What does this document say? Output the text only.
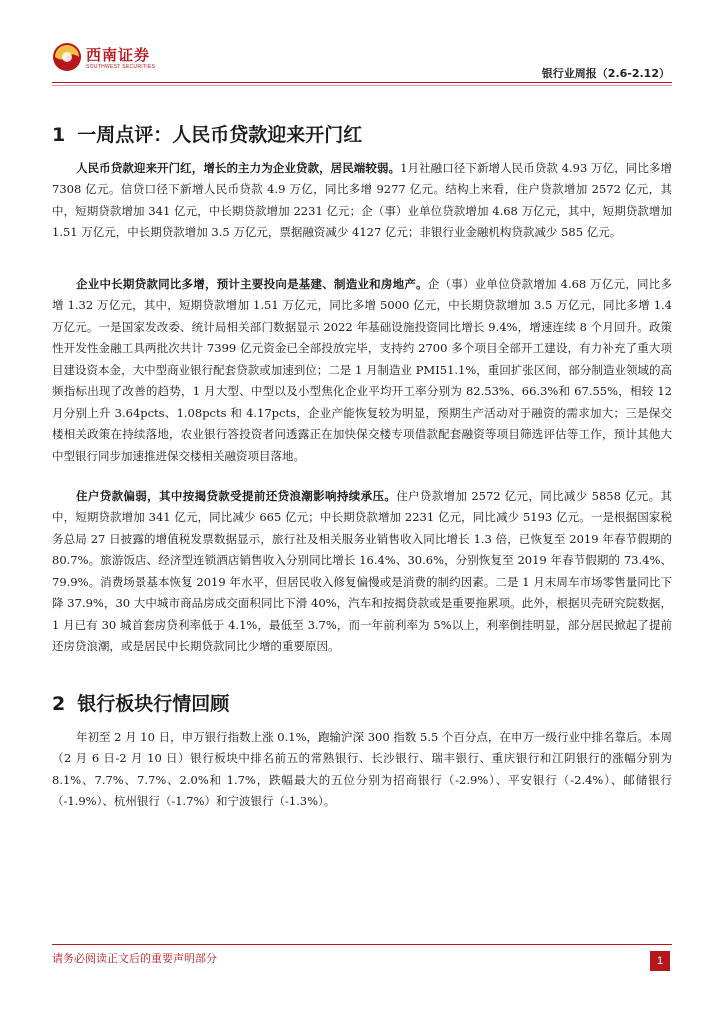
西南证券
SOUTHWEST SECURITIES	银行业周报（2.6-2.12）
1 一周点评：人民币贷款迎来开门红

人民币贷款迎来开门红，增长的主力为企业贷款，居民端较弱。1月社融口径下新增人民币贷款 4.93 万亿，同比多增 7308 亿元。信贷口径下新增人民币贷款 4.9 万亿，同比多增 9277 亿元。结构上来看，住户贷款增加 2572 亿元，其中，短期贷款增加 341 亿元，中长期贷款增加 2231 亿元；企（事）业单位贷款增加 4.68 万亿元，其中，短期贷款增加 1.51 万亿元，中长期贷款增加 3.5 万亿元，票据融资减少 4127 亿元；非银行业金融机构贷款减少 585 亿元。

企业中长期贷款同比多增，预计主要投向是基建、制造业和房地产。企（事）业单位贷款增加 4.68 万亿元，同比多增 1.32 万亿元，其中，短期贷款增加 1.51 万亿元，同比多增 5000 亿元，中长期贷款增加 3.5 万亿元，同比多增 1.4 万亿元。一是国家发改委、统计局相关部门数据显示 2022 年基础设施投资同比增长 9.4%，增速连续 8 个月回升。政策性开发性金融工具两批次共计 7399 亿元资金已全部投放完毕，支持约 2700 多个项目全部开工建设，有力补充了重大项目建设资本金，大中型商业银行配套贷款或加速到位；二是 1 月制造业 PMI51.1%，重回扩张区间，部分制造业领域的高频指标出现了改善的趋势，1 月大型、中型以及小型焦化企业平均开工率分别为 82.53%、66.3%和 67.55%，相较 12 月分别上升 3.64pcts、1.08pcts 和 4.17pcts，企业产能恢复较为明显，预期生产活动对于融资的需求加大；三是保交楼相关政策在持续落地，农业银行答投资者问透露正在加快保交楼专项借款配套融资等项目筛选评估等工作，预计其他大中型银行同步加速推进保交楼相关融资项目落地。

住户贷款偏弱，其中按揭贷款受提前还贷浪潮影响持续承压。住户贷款增加 2572 亿元，同比减少 5858 亿元。其中，短期贷款增加 341 亿元，同比减少 665 亿元；中长期贷款增加 2231 亿元，同比减少 5193 亿元。一是根据国家税务总局 27 日披露的增值税发票数据显示，旅行社及相关服务业销售收入同比增长 1.3 倍，已恢复至 2019 年春节假期的 80.7%。旅游饭店、经济型连锁酒店销售收入分别同比增长 16.4%、30.6%，分别恢复至 2019 年春节假期的 73.4%、79.9%。消费场景基本恢复 2019 年水平，但居民收入修复偏慢或是消费的制约因素。二是 1 月末周车市场零售量同比下降 37.9%，30 大中城市商品房成交面积同比下滑 40%，汽车和按揭贷款或是重要拖累项。此外，根据贝壳研究院数据，1 月已有 30 城首套房贷利率低于 4.1%，最低至 3.7%，而一年前利率为 5%以上，利率倒挂明显，部分居民掀起了提前还房贷浪潮，或是居民中长期贷款同比少增的重要原因。

2 银行板块行情回顾

年初至 2 月 10 日，申万银行指数上涨 0.1%，跑输沪深 300 指数 5.5 个百分点，在申万一级行业中排名靠后。本周（2 月 6 日-2 月 10 日）银行板块中排名前五的常熟银行、长沙银行、瑞丰银行、重庆银行和江阴银行的涨幅分别为 8.1%、7.7%、7.7%、2.0%和 1.7%，跌幅最大的五位分别为招商银行（-2.9%）、平安银行（-2.4%）、邮储银行（-1.9%）、杭州银行（-1.7%）和宁波银行（-1.3%）。

请务必阅读正文后的重要声明部分	1
